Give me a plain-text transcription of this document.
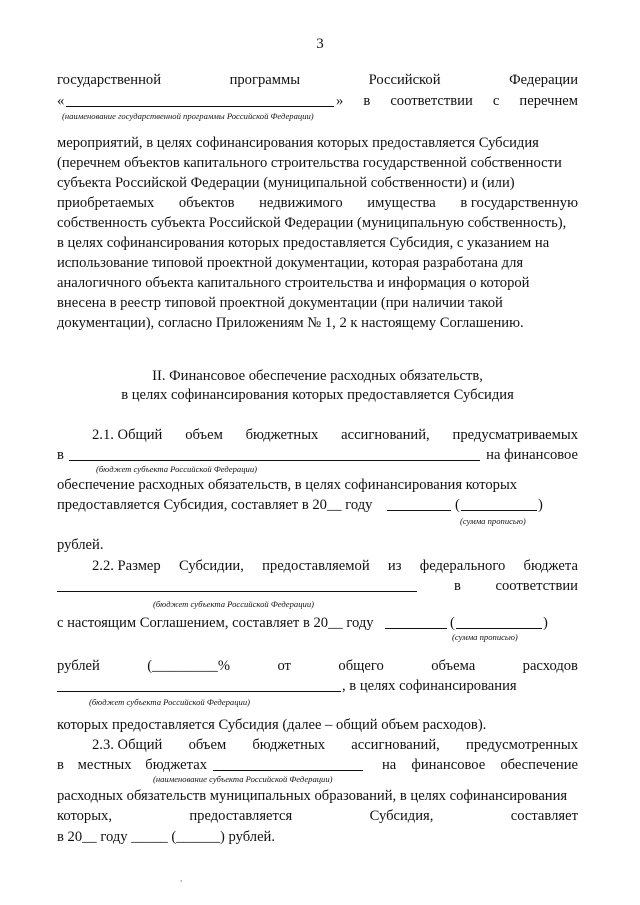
3
государственной	программы	Российской	Федерации
«	» в соответствии с перечнем
(наименование государственной программы Российской Федерации)
мероприятий, в целях софинансирования которых предоставляется Субсидия
(перечнем объектов капитального строительства государственной собственности
субъекта Российской Федерации (муниципальной собственности) и (или)
приобретаемых объектов недвижимого имущества в государственную
собственность субъекта Российской Федерации (муниципальную собственность),
в целях софинансирования которых предоставляется Субсидия, с указанием на
использование типовой проектной документации, которая разработана для
аналогичного объекта капитального строительства и информация о которой
внесена в реестр типовой проектной документации (при наличии такой
документации), согласно Приложениям № 1, 2 к настоящему Соглашению.
II. Финансовое обеспечение расходных обязательств,
в целях софинансирования которых предоставляется Субсидия
2.1. Общий объем бюджетных ассигнований, предусматриваемых
в	на финансовое
(бюджет субъекта Российской Федерации)
обеспечение расходных обязательств, в целях софинансирования которых
предоставляется Субсидия, составляет в 20__ году	(	)
(сумма прописью)
рублей.
2.2. Размер Субсидии, предоставляемой из федерального бюджета
в соответствии
(бюджет субъекта Российской Федерации)
с настоящим Соглашением, составляет в 20__ году	(	)
(сумма прописью)
рублей	(_________%	от	общего	объема	расходов
, в целях софинансирования
(бюджет субъекта Российской Федерации)
которых предоставляется Субсидия (далее – общий объем расходов).
2.3. Общий объем бюджетных ассигнований, предусмотренных
в местных бюджетах	на финансовое обеспечение
(наименование субъекта Российской Федерации)
расходных обязательств муниципальных образований, в целях софинансирования
которых,	предоставляется	Субсидия,	составляет
в 20__ году _____ (______) рублей.
,
